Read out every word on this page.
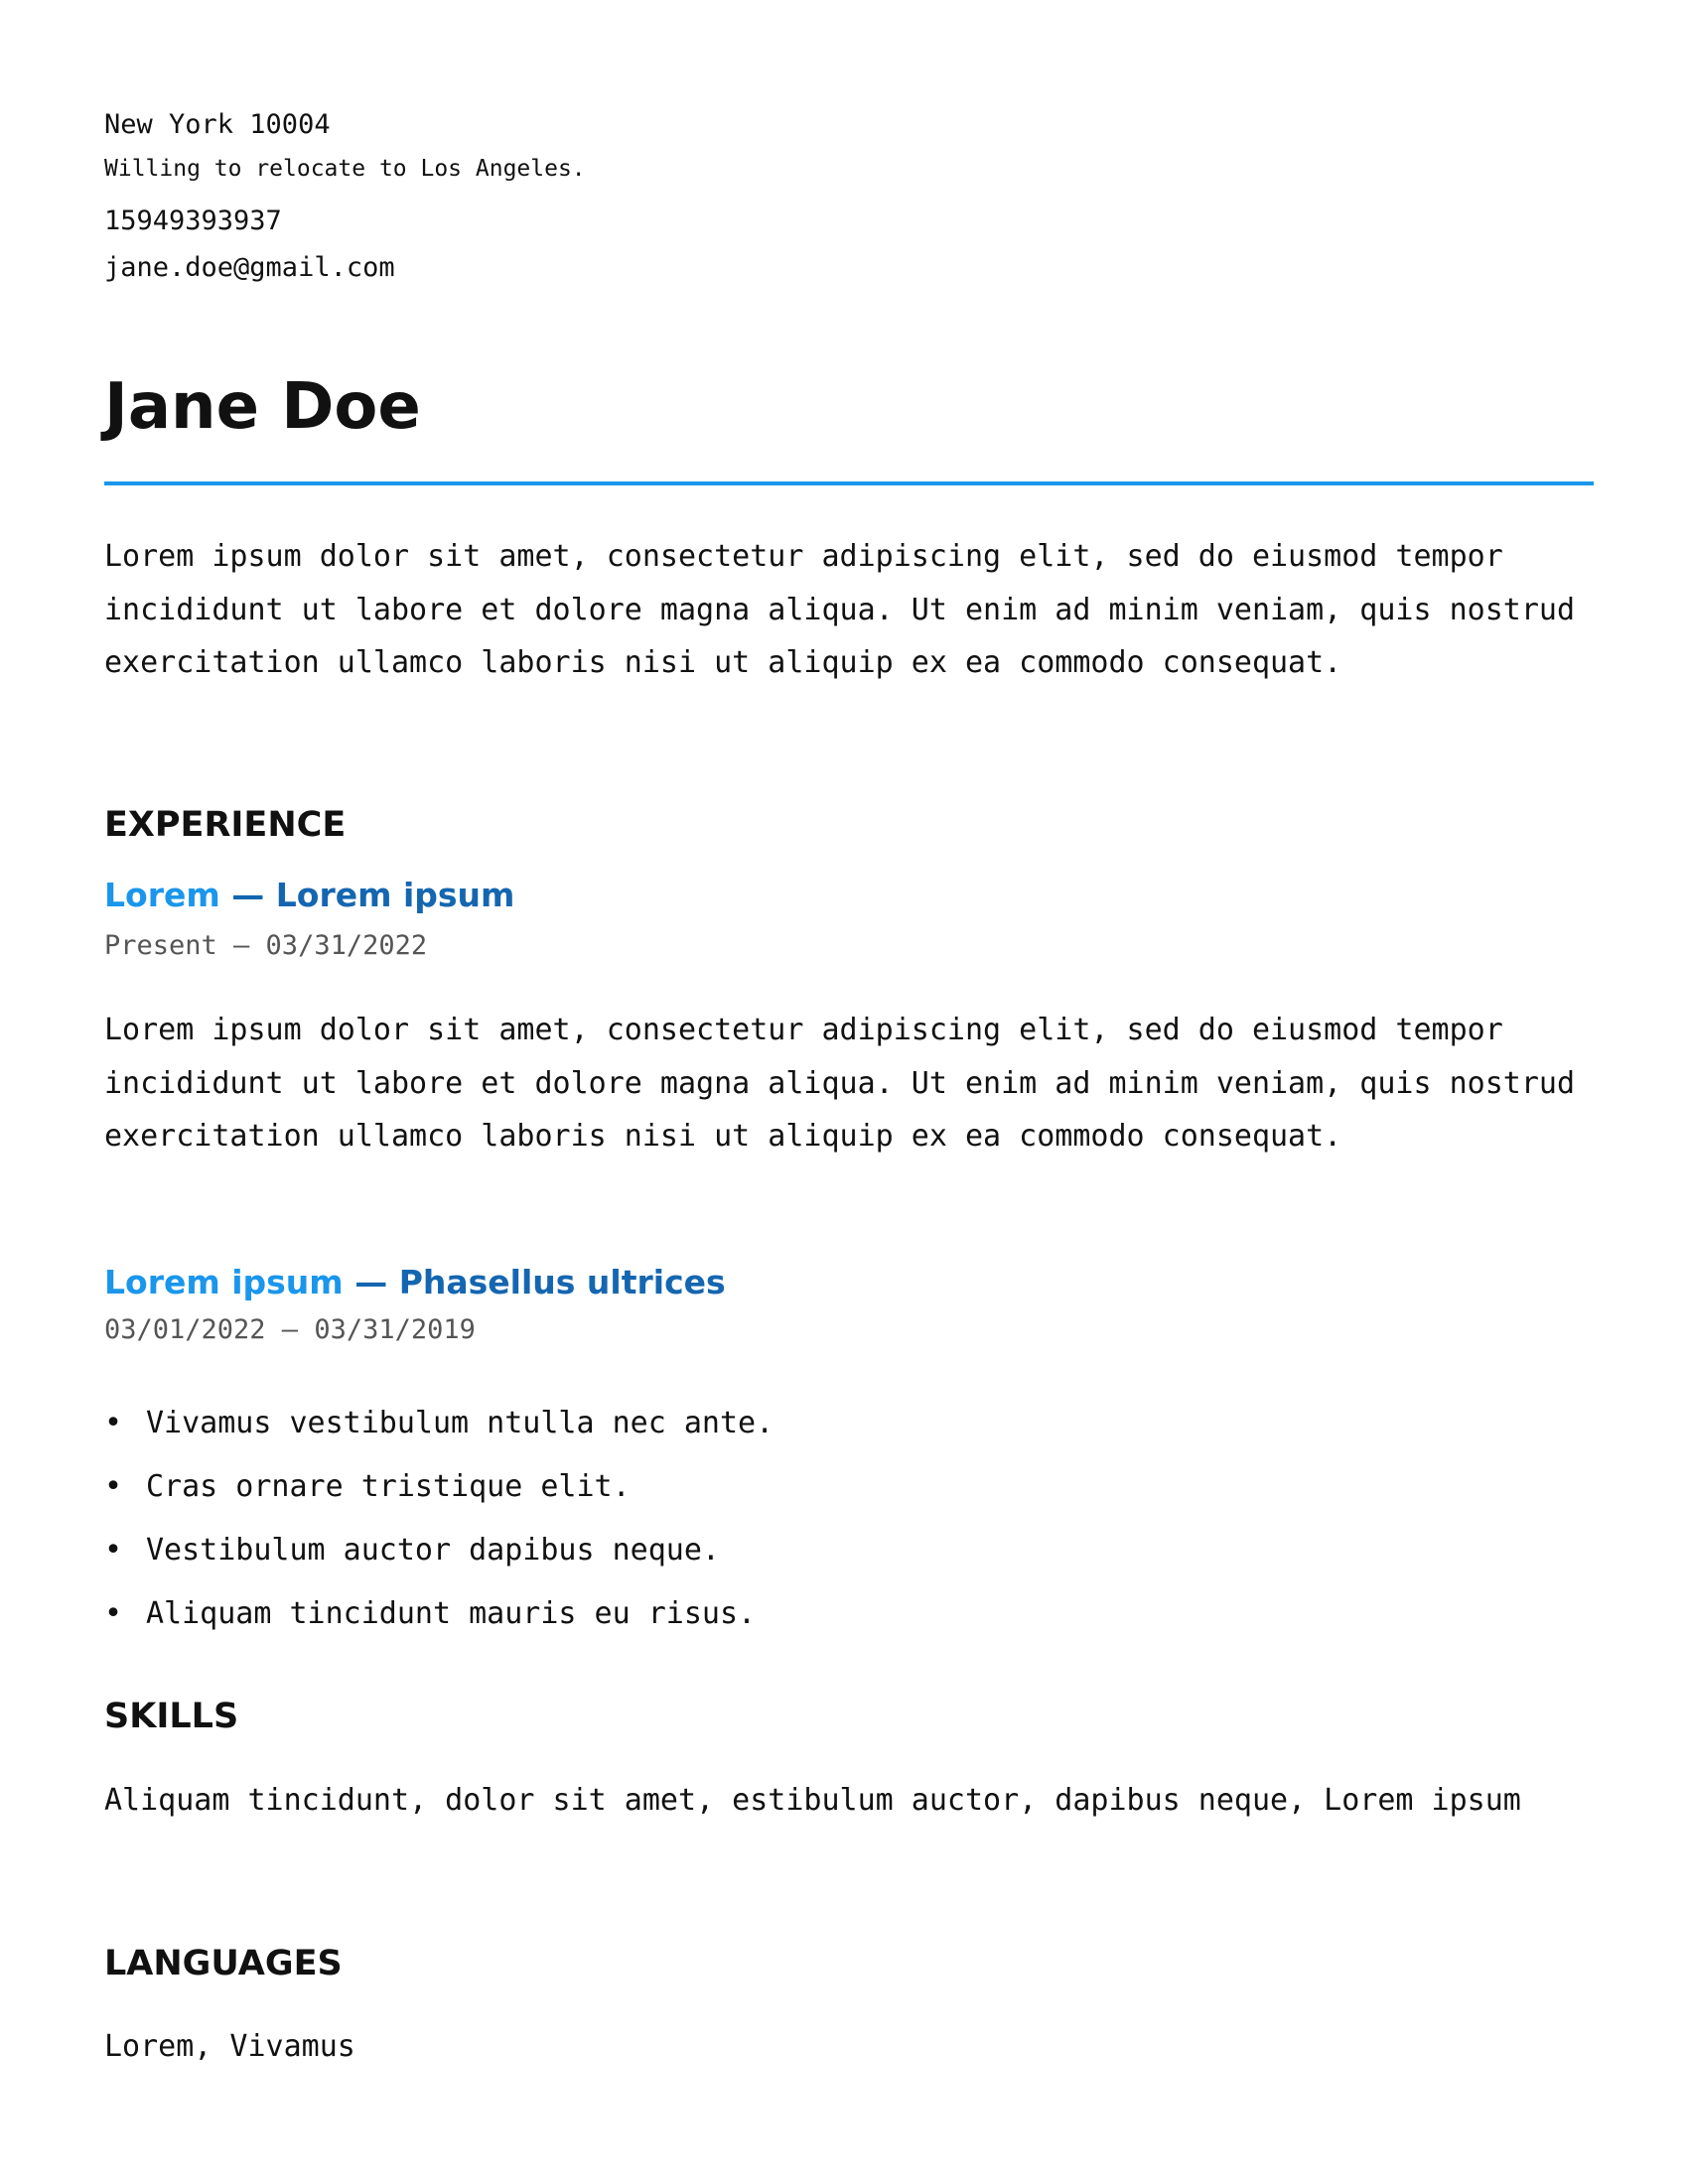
New York 10004
Willing to relocate to Los Angeles.
15949393937
jane.doe@gmail.com
Jane Doe

Lorem ipsum dolor sit amet, consectetur adipiscing elit, sed do eiusmod tempor incididunt ut labore et dolore magna aliqua. Ut enim ad minim veniam, quis nostrud exercitation ullamco laboris nisi ut aliquip ex ea commodo consequat.

EXPERIENCE
Lorem — Lorem ipsum
Present — 03/31/2022

Lorem ipsum dolor sit amet, consectetur adipiscing elit, sed do eiusmod tempor incididunt ut labore et dolore magna aliqua. Ut enim ad minim veniam, quis nostrud exercitation ullamco laboris nisi ut aliquip ex ea commodo consequat.

Lorem ipsum — Phasellus ultrices
03/01/2022 — 03/31/2019
• Vivamus vestibulum ntulla nec ante.
• Cras ornare tristique elit.
• Vestibulum auctor dapibus neque.
• Aliquam tincidunt mauris eu risus.
SKILLS

Aliquam tincidunt, dolor sit amet, estibulum auctor, dapibus neque, Lorem ipsum

LANGUAGES

Lorem, Vivamus
